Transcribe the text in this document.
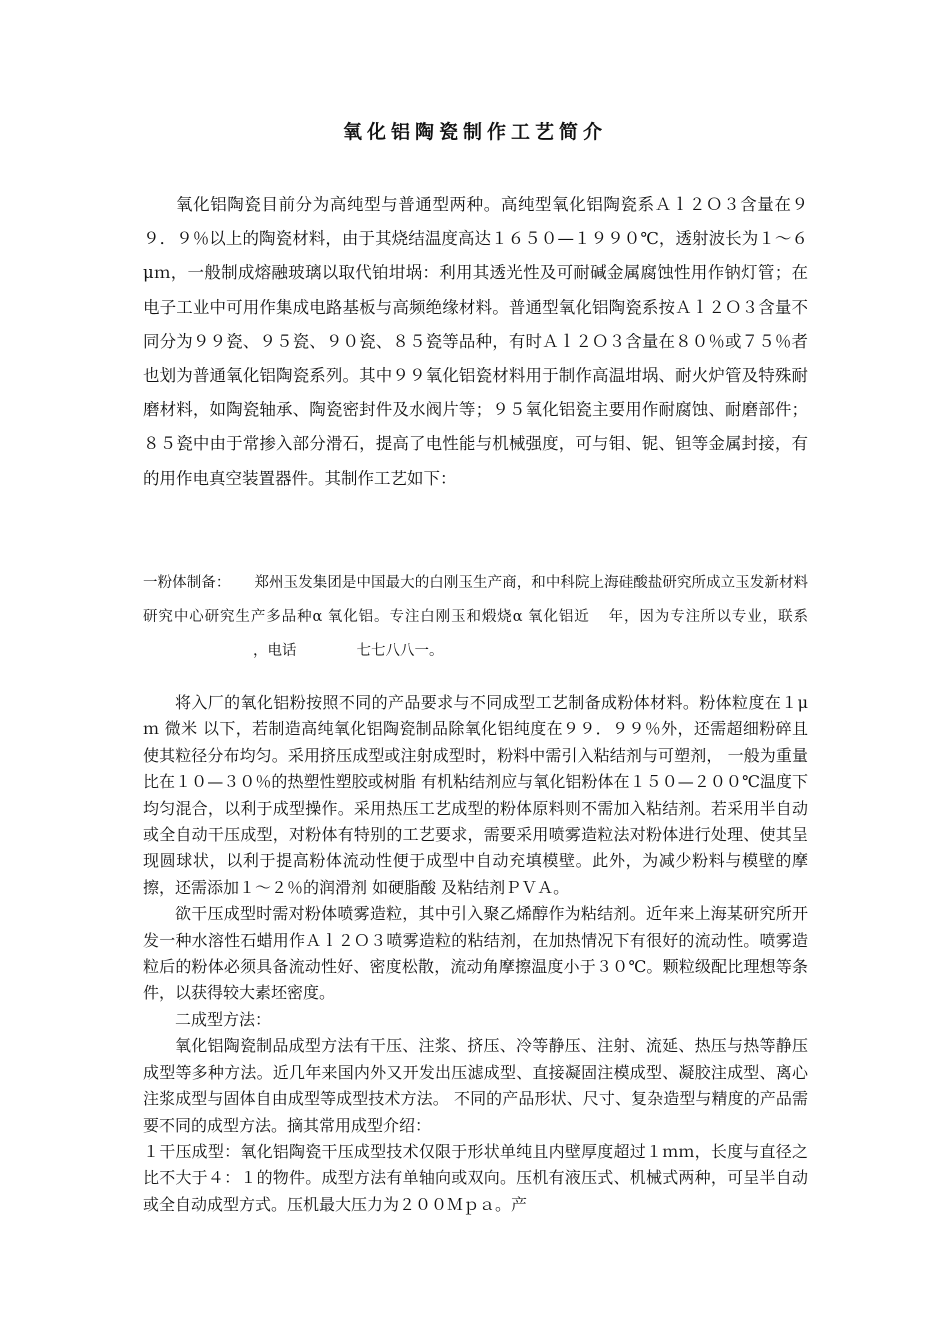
氧化铝陶瓷制作工艺简介
氧化铝陶瓷目前分为高纯型与普通型两种。高纯型氧化铝陶瓷系Ａｌ２Ｏ３含量在９９．９％以上的陶瓷材料，由于其烧结温度高达１６５０—１９９０℃，透射波长为１～６μｍ，一般制成熔融玻璃以取代铂坩埚：利用其透光性及可耐碱金属腐蚀性用作钠灯管；在电子工业中可用作集成电路基板与高频绝缘材料。普通型氧化铝陶瓷系按Ａｌ２Ｏ３含量不同分为９９瓷、９５瓷、９０瓷、８５瓷等品种，有时Ａｌ２Ｏ３含量在８０％或７５％者也划为普通氧化铝陶瓷系列。其中９９氧化铝瓷材料用于制作高温坩埚、耐火炉管及特殊耐磨材料，如陶瓷轴承、陶瓷密封件及水阀片等；９５氧化铝瓷主要用作耐腐蚀、耐磨部件；８５瓷中由于常掺入部分滑石，提高了电性能与机械强度，可与钼、铌、钽等金属封接，有的用作电真空装置器件。其制作工艺如下：
一粉体制备： 郑州玉发集团是中国最大的白刚玉生产商，和中科院上海硅酸盐研究所成立玉发新材料研究中心研究生产多品种α 氧化铝。专注白刚玉和煅烧α 氧化铝近 年，因为专注所以专业，联系，电话	七七八八一。

将入厂的氧化铝粉按照不同的产品要求与不同成型工艺制备成粉体材料。粉体粒度在１μｍ 微米 以下，若制造高纯氧化铝陶瓷制品除氧化铝纯度在９９．９９％外，还需超细粉碎且使其粒径分布均匀。采用挤压成型或注射成型时，粉料中需引入粘结剂与可塑剂， 一般为重量比在１０—３０％的热塑性塑胶或树脂 有机粘结剂应与氧化铝粉体在１５０—２００℃温度下均匀混合，以利于成型操作。采用热压工艺成型的粉体原料则不需加入粘结剂。若采用半自动或全自动干压成型，对粉体有特别的工艺要求，需要采用喷雾造粒法对粉体进行处理、使其呈现圆球状，以利于提高粉体流动性便于成型中自动充填模壁。此外，为减少粉料与模壁的摩擦，还需添加１～２％的润滑剂 如硬脂酸 及粘结剂ＰＶＡ。

欲干压成型时需对粉体喷雾造粒，其中引入聚乙烯醇作为粘结剂。近年来上海某研究所开发一种水溶性石蜡用作Ａｌ２Ｏ３喷雾造粒的粘结剂，在加热情况下有很好的流动性。喷雾造粒后的粉体必须具备流动性好、密度松散，流动角摩擦温度小于３０℃。颗粒级配比理想等条件，以获得较大素坯密度。

二成型方法：

氧化铝陶瓷制品成型方法有干压、注浆、挤压、冷等静压、注射、流延、热压与热等静压成型等多种方法。近几年来国内外又开发出压滤成型、直接凝固注模成型、凝胶注成型、离心注浆成型与固体自由成型等成型技术方法。 不同的产品形状、尺寸、复杂造型与精度的产品需要不同的成型方法。摘其常用成型介绍：

１干压成型：氧化铝陶瓷干压成型技术仅限于形状单纯且内壁厚度超过１ｍｍ，长度与直径之比不大于４：１的物件。成型方法有单轴向或双向。压机有液压式、机械式两种，可呈半自动或全自动成型方式。压机最大压力为２００Ｍｐａ。产
